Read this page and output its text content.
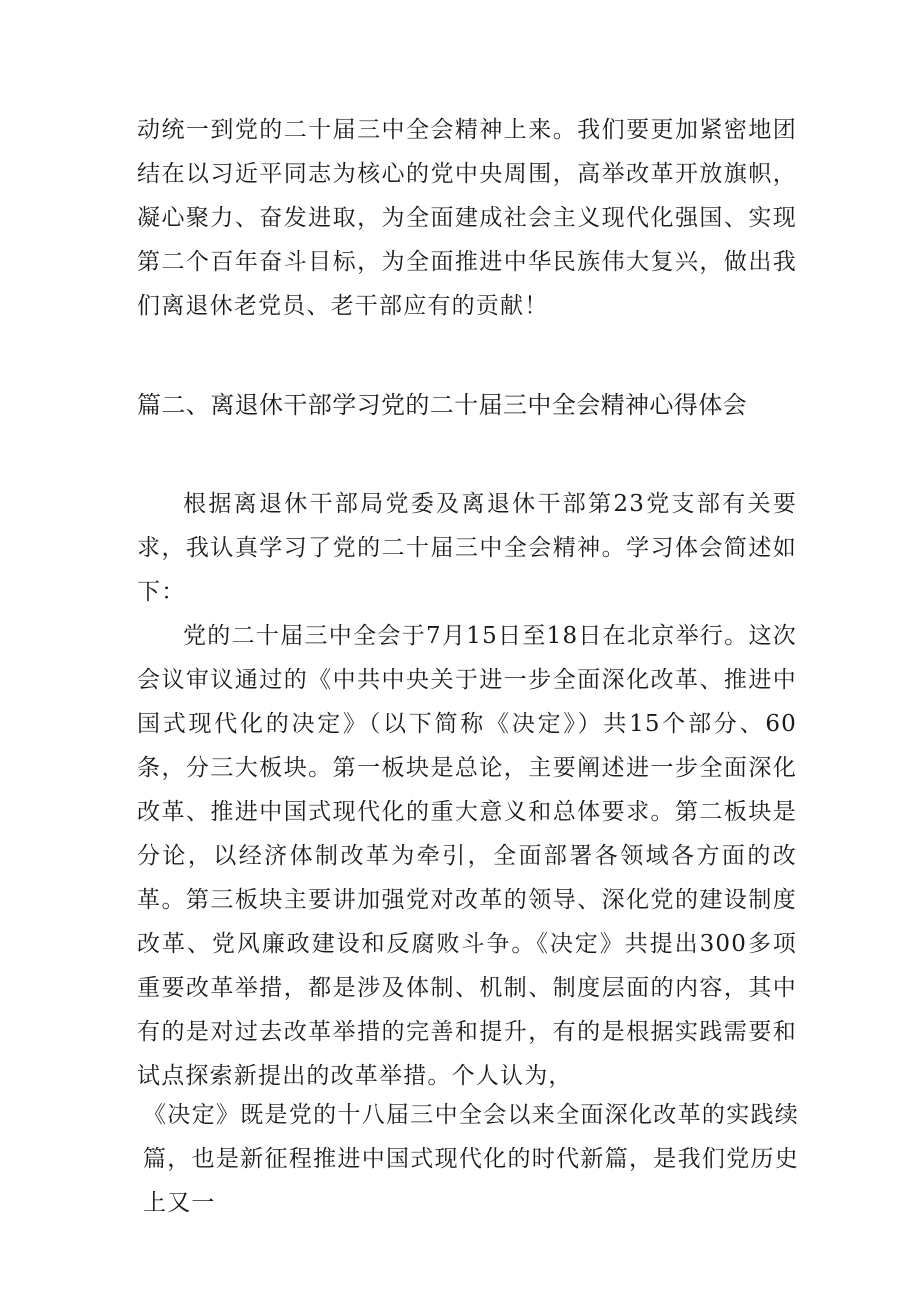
动统一到党的二十届三中全会精神上来。我们要更加紧密地团结在以习近平同志为核心的党中央周围，高举改革开放旗帜，凝心聚力、奋发进取，为全面建成社会主义现代化强国、实现第二个百年奋斗目标，为全面推进中华民族伟大复兴，做出我们离退休老党员、老干部应有的贡献！

篇二、离退休干部学习党的二十届三中全会精神心得体会
根据离退休干部局党委及离退休干部第23党支部有关要求，我认真学习了党的二十届三中全会精神。学习体会简述如下：
党的二十届三中全会于7月15日至18日在北京举行。这次会议审议通过的《中共中央关于进一步全面深化改革、推进中国式现代化的决定》（以下简称《决定》）共15个部分、60条，分三大板块。第一板块是总论，主要阐述进一步全面深化改革、推进中国式现代化的重大意义和总体要求。第二板块是分论，以经济体制改革为牵引，全面部署各领域各方面的改革。第三板块主要讲加强党对改革的领导、深化党的建设制度改革、党风廉政建设和反腐败斗争。《决定》共提出300多项重要改革举措，都是涉及体制、机制、制度层面的内容，其中有的是对过去改革举措的完善和提升，有的是根据实践需要和试点探索新提出的改革举措。个人认为，

《决定》既是党的十八届三中全会以来全面深化改革的实践续篇，也是新征程推进中国式现代化的时代新篇，是我们党历史上又一
